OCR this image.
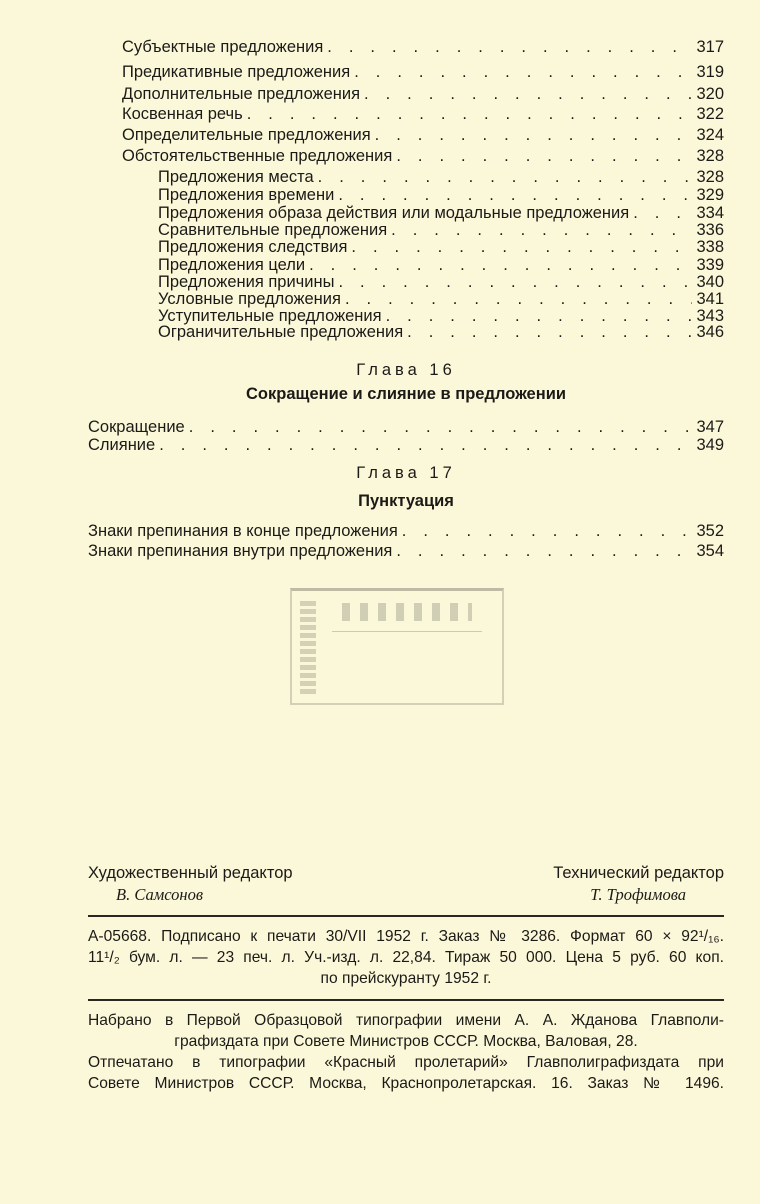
Субъектные предложения . . .	317
Предикативные предложения . . .	319
Дополнительные предложения . . .	320
Косвенная речь . . .	322
Определительные предложения . . .	324
Обстоятельственные предложения . . .	328
Предложения места . . .	328
Предложения времени . . .	329
Предложения образа действия или модальные предложения . . .	334
Сравнительные предложения . . .	336
Предложения следствия . . .	338
Предложения цели . . .	339
Предложения причины . . .	340
Условные предложения . . .	341
Уступительные предложения . . .	343
Ограничительные предложения . . .	346
Глава 16
Сокращение и слияние в предложении
Сокращение . . .	347
Слияние . . .	349
Глава 17
Пунктуация
Знаки препинания в конце предложения . . .	352
Знаки препинания внутри предложения . . .	354
Художественный редактор
В. Самсонов
Технический редактор
Т. Трофимова
А-05668. Подписано к печати 30/VII 1952 г. Заказ № 3286. Формат 60 × 92¹/₁₆.
11¹/₂ бум. л. — 23 печ. л. Уч.-изд. л. 22,84. Тираж 50 000. Цена 5 руб. 60 коп.
по прейскуранту 1952 г.
Набрано в Первой Образцовой типографии имени А. А. Жданова Главполи-
графиздата при Совете Министров СССР. Москва, Валовая, 28.
Отпечатано в типографии «Красный пролетарий» Главполиграфиздата при
Совете Министров СССР. Москва, Краснопролетарская. 16. Заказ № 1496.
